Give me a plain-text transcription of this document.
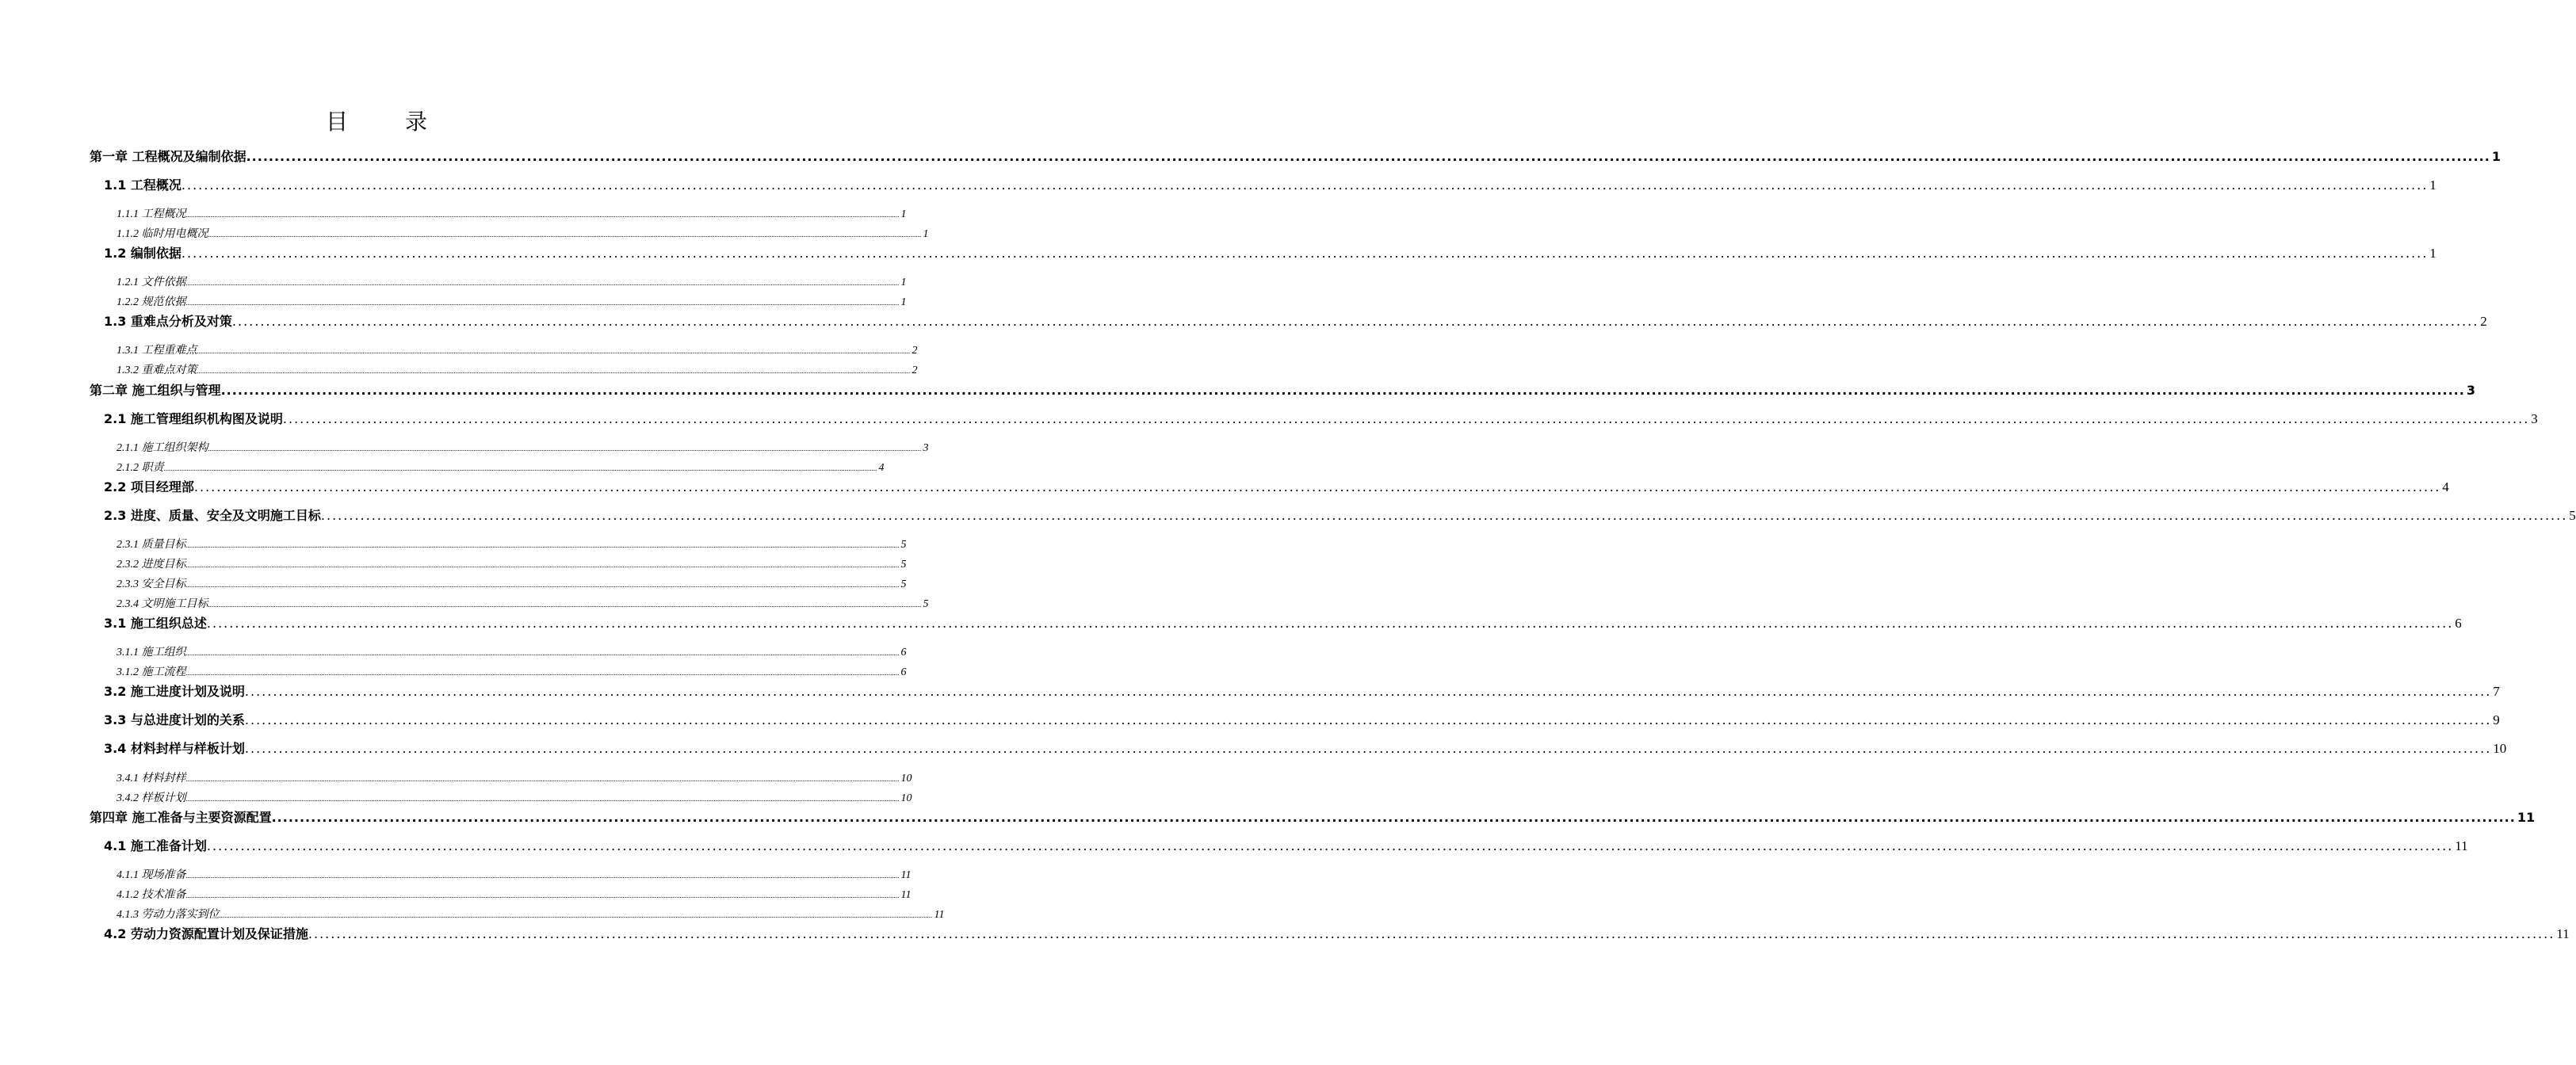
目　录
第一章 工程概况及编制依据 ................................................................................................................................................................................................................................................................................................................................................................................................................ 1
1.1 工程概况 ................................................................................................................................................................................................................................................................................................................................................................................................................ 1
1.1.1 工程概况 ................................................................................................................................................................................................................................................................................................................................................................................................................ 1
1.1.2 临时用电概况 ................................................................................................................................................................................................................................................................................................................................................................................................................ 1
1.2 编制依据 ................................................................................................................................................................................................................................................................................................................................................................................................................ 1
1.2.1 文件依据 ................................................................................................................................................................................................................................................................................................................................................................................................................ 1
1.2.2 规范依据 ................................................................................................................................................................................................................................................................................................................................................................................................................ 1
1.3 重难点分析及对策 ................................................................................................................................................................................................................................................................................................................................................................................................................ 2
1.3.1 工程重难点 ................................................................................................................................................................................................................................................................................................................................................................................................................ 2
1.3.2 重难点对策 ................................................................................................................................................................................................................................................................................................................................................................................................................ 2
第二章 施工组织与管理 ................................................................................................................................................................................................................................................................................................................................................................................................................ 3
2.1 施工管理组织机构图及说明 ................................................................................................................................................................................................................................................................................................................................................................................................................ 3
2.1.1 施工组织架构 ................................................................................................................................................................................................................................................................................................................................................................................................................ 3
2.1.2 职责 ................................................................................................................................................................................................................................................................................................................................................................................................................ 4
2.2 项目经理部 ................................................................................................................................................................................................................................................................................................................................................................................................................ 4
2.3 进度、质量、安全及文明施工目标 ................................................................................................................................................................................................................................................................................................................................................................................................................ 5
2.3.1 质量目标 ................................................................................................................................................................................................................................................................................................................................................................................................................ 5
2.3.2 进度目标 ................................................................................................................................................................................................................................................................................................................................................................................................................ 5
2.3.3 安全目标 ................................................................................................................................................................................................................................................................................................................................................................................................................ 5
2.3.4 文明施工目标 ................................................................................................................................................................................................................................................................................................................................................................................................................ 5
3.1 施工组织总述 ................................................................................................................................................................................................................................................................................................................................................................................................................ 6
3.1.1 施工组织 ................................................................................................................................................................................................................................................................................................................................................................................................................ 6
3.1.2 施工流程 ................................................................................................................................................................................................................................................................................................................................................................................................................ 6
3.2 施工进度计划及说明 ................................................................................................................................................................................................................................................................................................................................................................................................................ 7
3.3 与总进度计划的关系 ................................................................................................................................................................................................................................................................................................................................................................................................................ 9
3.4 材料封样与样板计划 ................................................................................................................................................................................................................................................................................................................................................................................................................ 10
3.4.1 材料封样 ................................................................................................................................................................................................................................................................................................................................................................................................................ 10
3.4.2 样板计划 ................................................................................................................................................................................................................................................................................................................................................................................................................ 10
第四章 施工准备与主要资源配置 ................................................................................................................................................................................................................................................................................................................................................................................................................ 11
4.1 施工准备计划 ................................................................................................................................................................................................................................................................................................................................................................................................................ 11
4.1.1 现场准备 ................................................................................................................................................................................................................................................................................................................................................................................................................ 11
4.1.2 技术准备 ................................................................................................................................................................................................................................................................................................................................................................................................................ 11
4.1.3 劳动力落实到位 ................................................................................................................................................................................................................................................................................................................................................................................................................ 11
4.2 劳动力资源配置计划及保证措施 ................................................................................................................................................................................................................................................................................................................................................................................................................ 11
